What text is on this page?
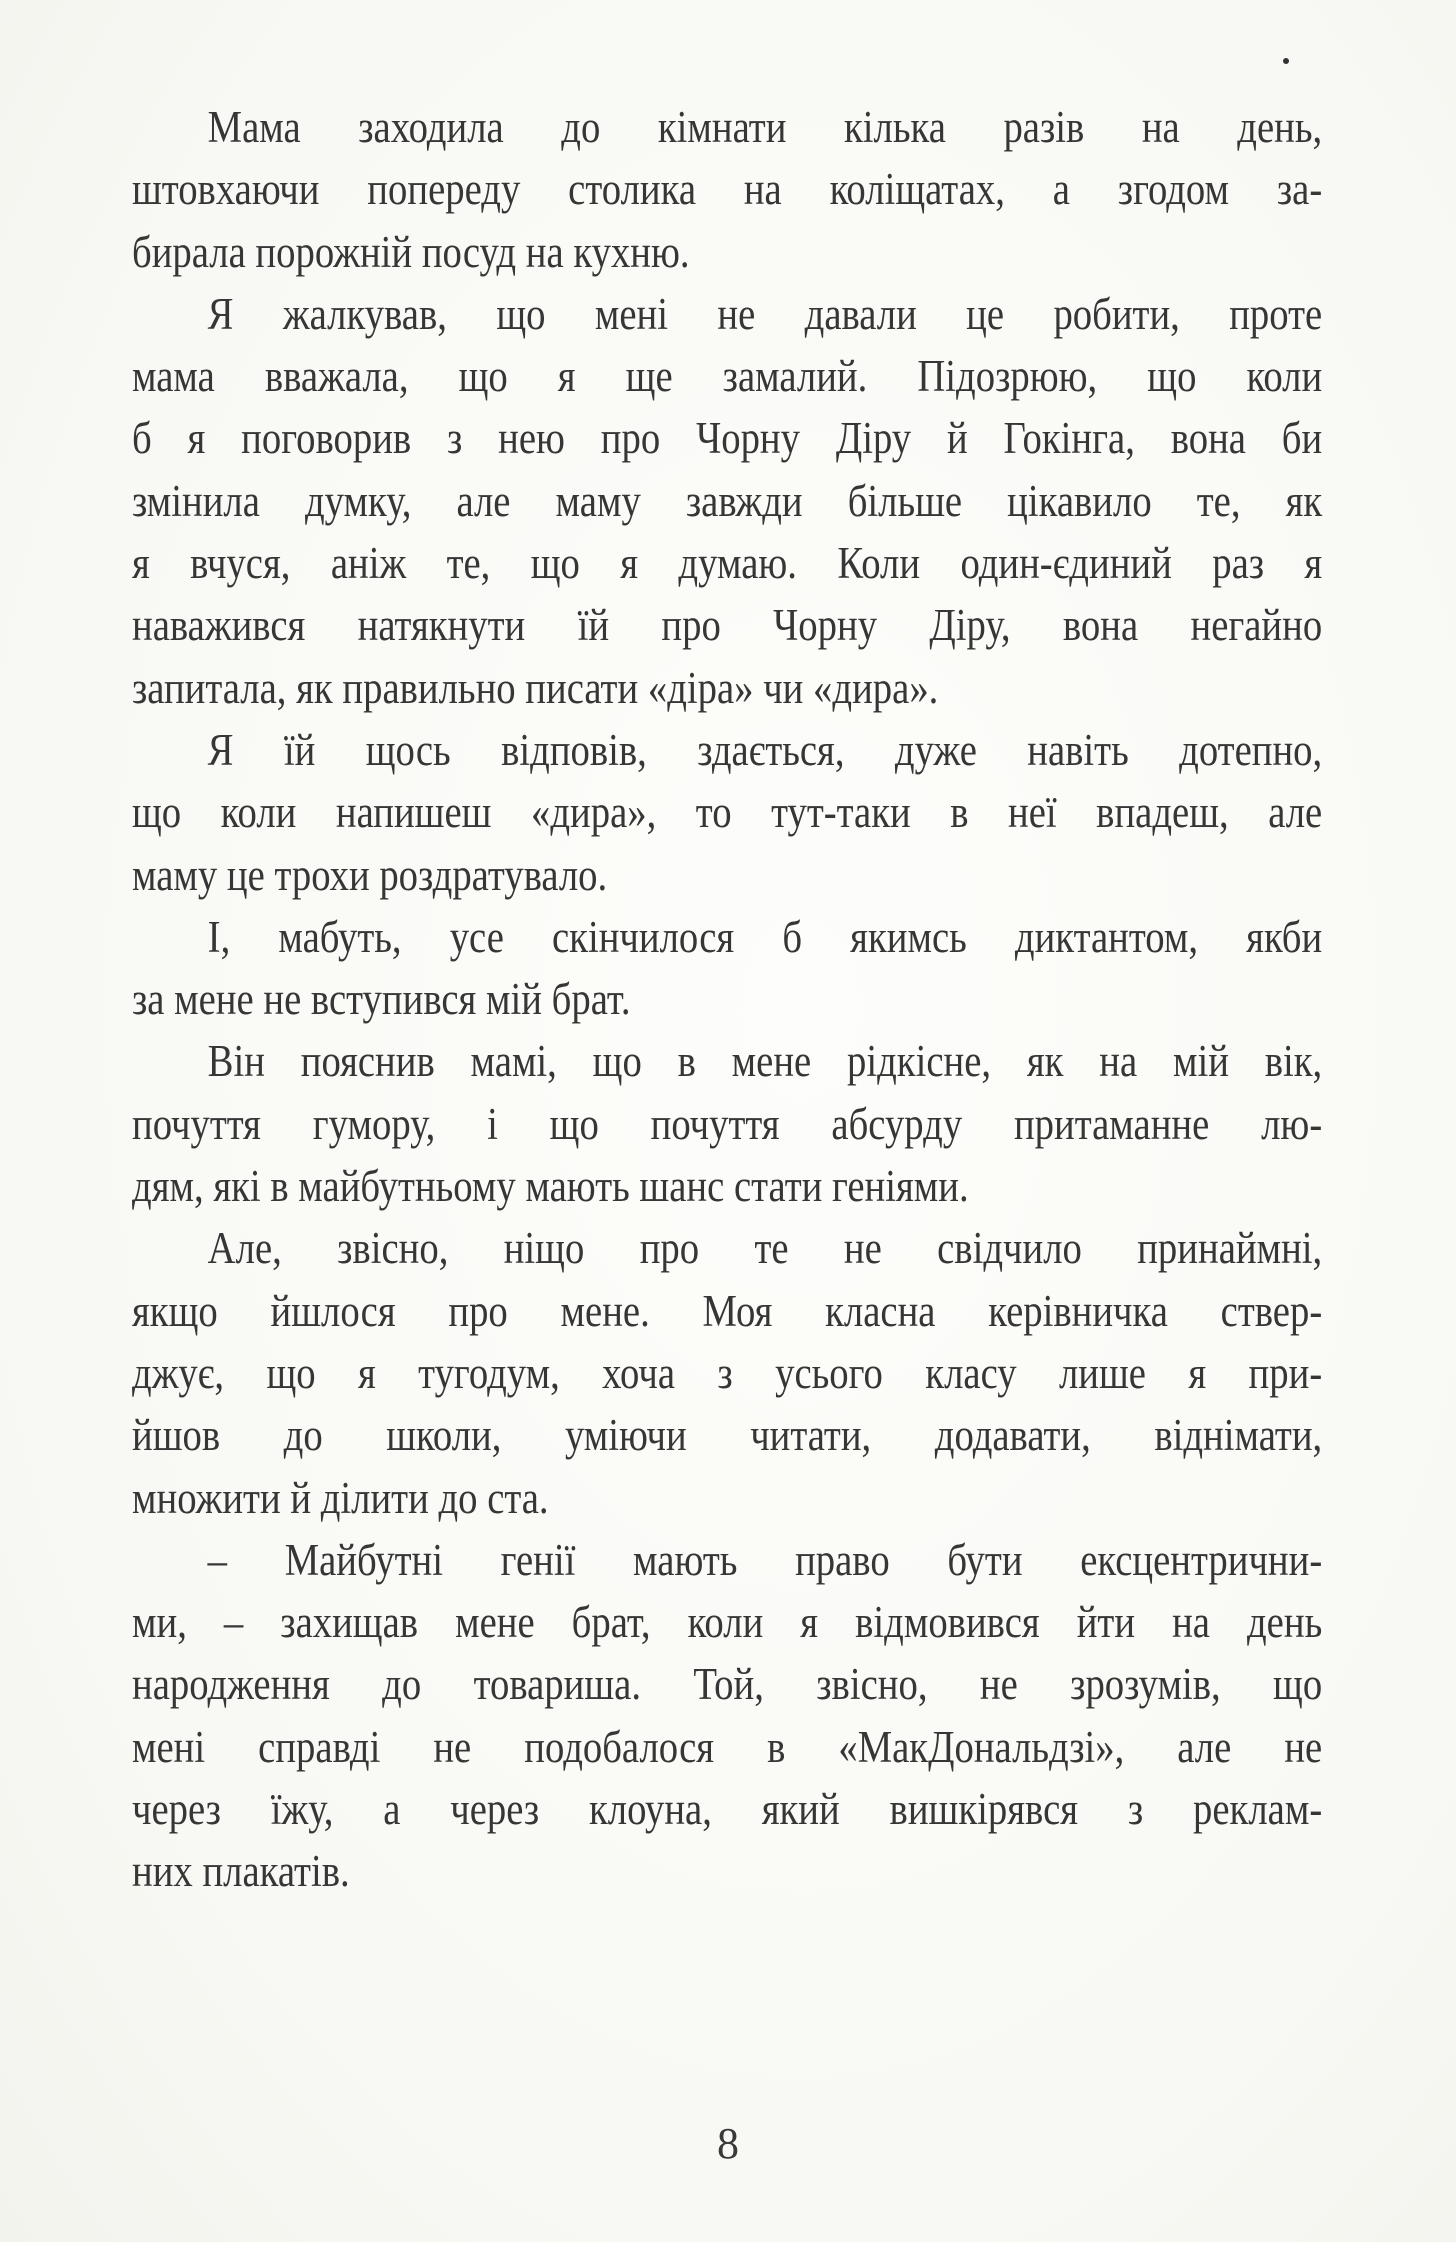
Мама заходила до кімнати кілька разів на день,
штовхаючи попереду столика на коліщатах, а згодом за-
бирала порожній посуд на кухню.
Я жалкував, що мені не давали це робити, проте
мама вважала, що я ще замалий. Підозрюю, що коли
б я поговорив з нею про Чорну Діру й Гокінга, вона би
змінила думку, але маму завжди більше цікавило те, як
я вчуся, аніж те, що я думаю. Коли один-єдиний раз я
наважився натякнути їй про Чорну Діру, вона негайно
запитала, як правильно писати «діра» чи «дира».
Я їй щось відповів, здається, дуже навіть дотепно,
що коли напишеш «дира», то тут-таки в неї впадеш, але
маму це трохи роздратувало.
І, мабуть, усе скінчилося б якимсь диктантом, якби
за мене не вступився мій брат.
Він пояснив мамі, що в мене рідкісне, як на мій вік,
почуття гумору, і що почуття абсурду притаманне лю-
дям, які в майбутньому мають шанс стати геніями.
Але, звісно, ніщо про те не свідчило принаймні,
якщо йшлося про мене. Моя класна керівничка ствер-
джує, що я тугодум, хоча з усього класу лише я при-
йшов до школи, уміючи читати, додавати, віднімати,
множити й ділити до ста.
– Майбутні генії мають право бути ексцентрични-
ми, – захищав мене брат, коли я відмовився йти на день
народження до товариша. Той, звісно, не зрозумів, що
мені справді не подобалося в «МакДональдзі», але не
через їжу, а через клоуна, який вишкірявся з реклам-
них плакатів.
8
